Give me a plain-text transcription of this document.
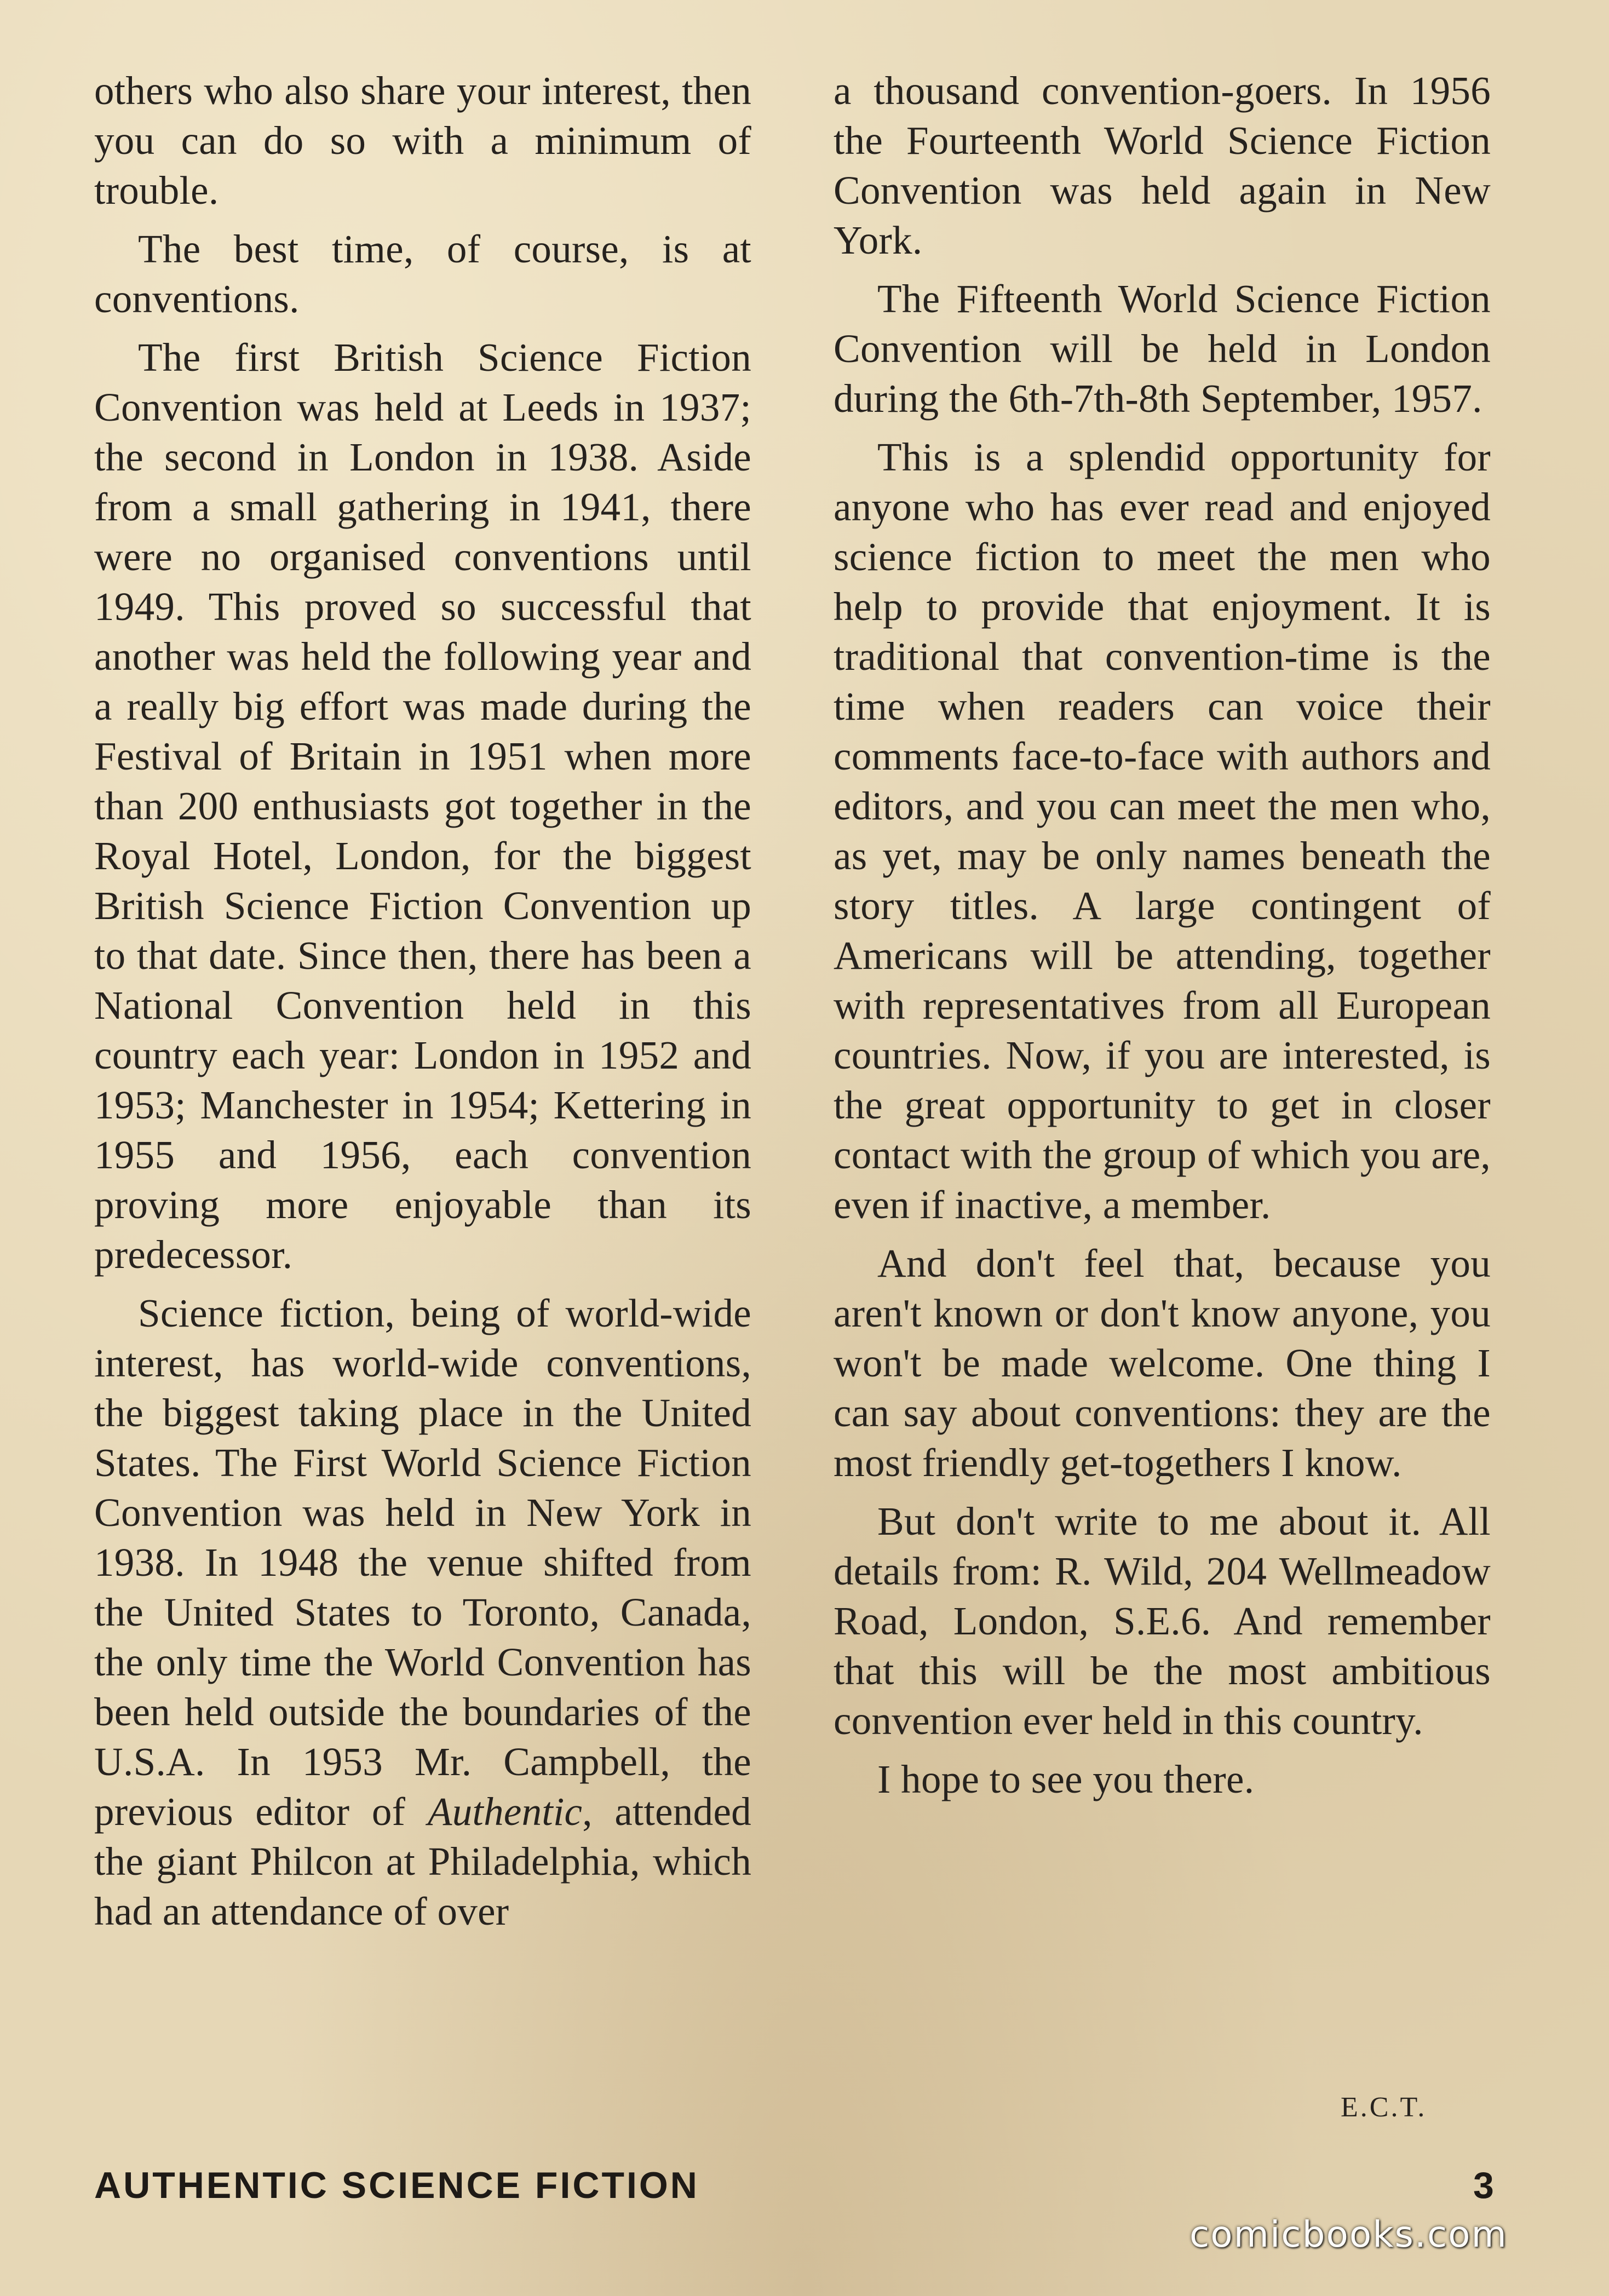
others who also share your interest, then you can do so with a minimum of trouble.

The best time, of course, is at conventions.

The first British Science Fiction Convention was held at Leeds in 1937; the second in London in 1938. Aside from a small gathering in 1941, there were no organised conventions until 1949. This proved so successful that another was held the following year and a really big effort was made during the Festival of Britain in 1951 when more than 200 enthusiasts got together in the Royal Hotel, London, for the biggest British Science Fiction Convention up to that date. Since then, there has been a National Convention held in this country each year: London in 1952 and 1953; Manchester in 1954; Kettering in 1955 and 1956, each convention proving more enjoyable than its predecessor.

Science fiction, being of world-wide interest, has world-wide conventions, the biggest taking place in the United States. The First World Science Fiction Convention was held in New York in 1938. In 1948 the venue shifted from the United States to Toronto, Canada, the only time the World Convention has been held outside the boundaries of the U.S.A. In 1953 Mr. Campbell, the previous editor of Authentic, attended the giant Philcon at Philadelphia, which had an attendance of over

a thousand convention-goers. In 1956 the Fourteenth World Science Fiction Convention was held again in New York.

The Fifteenth World Science Fiction Convention will be held in London during the 6th-7th-8th September, 1957.

This is a splendid opportunity for anyone who has ever read and enjoyed science fiction to meet the men who help to provide that enjoyment. It is traditional that convention-time is the time when readers can voice their comments face-to-face with authors and editors, and you can meet the men who, as yet, may be only names beneath the story titles. A large contingent of Americans will be attending, together with representatives from all European countries. Now, if you are interested, is the great opportunity to get in closer contact with the group of which you are, even if inactive, a member.

And don't feel that, because you aren't known or don't know anyone, you won't be made welcome. One thing I can say about conventions: they are the most friendly get-togethers I know.

But don't write to me about it. All details from: R. Wild, 204 Wellmeadow Road, London, S.E.6. And remember that this will be the most ambitious convention ever held in this country.

I hope to see you there.

E.C.T.
AUTHENTIC SCIENCE FICTION	3
comicbooks.com
